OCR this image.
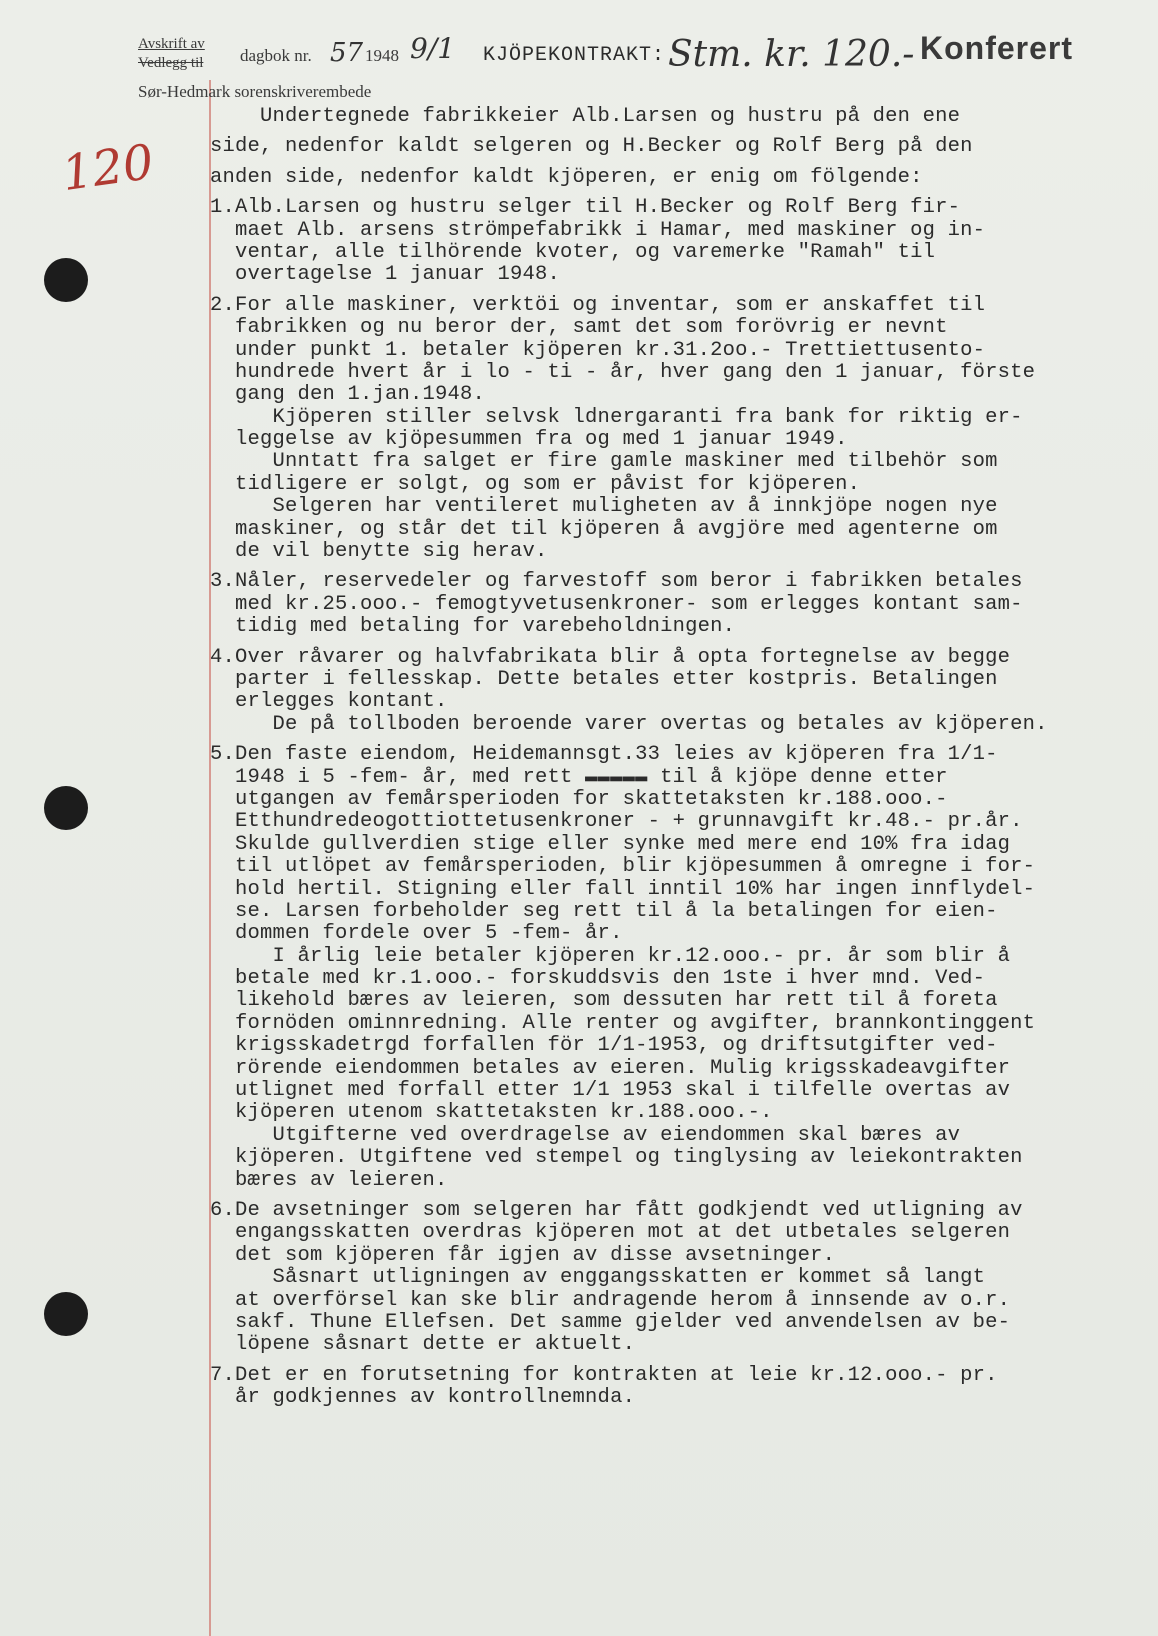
Avskrift av
Vedlegg til dagbok nr. 57 1948 9/1
Sør-Hedmark sorenskriverembede
KJÖPEKONTRAKT: Stm. kr. 120.- Konferert
120
Undertegnede fabrikkeier Alb.Larsen og hustru på den ene
side, nedenfor kaldt selgeren og H.Becker og Rolf Berg på den
anden side, nedenfor kaldt kjöperen, er enig om fölgende:
1.Alb.Larsen og hustru selger til H.Becker og Rolf Berg fir-
maet Alb. arsens strömpefabrikk i Hamar, med maskiner og in-
ventar, alle tilhörende kvoter, og varemerke "Ramah" til
overtagelse 1 januar 1948.
2.For alle maskiner, verktöi og inventar, som er anskaffet til
fabrikken og nu beror der, samt det som forövrig er nevnt
under punkt 1. betaler kjöperen kr.31.2oo.- Trettiettusento-
hundrede hvert år i lo - ti - år, hver gang den 1 januar, förste
gang den 1.jan.1948.
Kjöperen stiller selvsk ldnergaranti fra bank for riktig er-
leggelse av kjöpesummen fra og med 1 januar 1949.
Unntatt fra salget er fire gamle maskiner med tilbehör som
tidligere er solgt, og som er påvist for kjöperen.
Selgeren har ventileret muligheten av å innkjöpe nogen nye
maskiner, og står det til kjöperen å avgjöre med agenterne om
de vil benytte sig herav.
3.Nåler, reservedeler og farvestoff som beror i fabrikken betales
med kr.25.ooo.- femogtyvetusenkroner- som erlegges kontant sam-
tidig med betaling for varebeholdningen.
4.Over råvarer og halvfabrikata blir å opta fortegnelse av begge
parter i fellesskap. Dette betales etter kostpris. Betalingen
erlegges kontant.
De på tollboden beroende varer overtas og betales av kjöperen.
5.Den faste eiendom, Heidemannsgt.33 leies av kjöperen fra 1/1-
1948 i 5 -fem- år, med rett ▬▬▬▬▬ til å kjöpe denne etter
utgangen av femårsperioden for skattetaksten kr.188.ooo.-
Etthundredeogottiottetusenkroner - + grunnavgift kr.48.- pr.år.
Skulde gullverdien stige eller synke med mere end 10% fra idag
til utlöpet av femårsperioden, blir kjöpesummen å omregne i for-
hold hertil. Stigning eller fall inntil 10% har ingen innflydel-
se. Larsen forbeholder seg rett til å la betalingen for eien-
dommen fordele over 5 -fem- år.
I årlig leie betaler kjöperen kr.12.ooo.- pr. år som blir å
betale med kr.1.ooo.- forskuddsvis den 1ste i hver mnd. Ved-
likehold bæres av leieren, som dessuten har rett til å foreta
fornöden ominnredning. Alle renter og avgifter, brannkontinggent
krigsskadetrgd forfallen för 1/1-1953, og driftsutgifter ved-
rörende eiendommen betales av eieren. Mulig krigsskadeavgifter
utlignet med forfall etter 1/1 1953 skal i tilfelle overtas av
kjöperen utenom skattetaksten kr.188.ooo.-.
Utgifterne ved overdragelse av eiendommen skal bæres av
kjöperen. Utgiftene ved stempel og tinglysing av leiekontrakten
bæres av leieren.
6.De avsetninger som selgeren har fått godkjendt ved utligning av
engangsskatten overdras kjöperen mot at det utbetales selgeren
det som kjöperen får igjen av disse avsetninger.
Såsnart utligningen av enggangsskatten er kommet så langt
at overförsel kan ske blir andragende herom å innsende av o.r.
sakf. Thune Ellefsen. Det samme gjelder ved anvendelsen av be-
löpene såsnart dette er aktuelt.
7.Det er en forutsetning for kontrakten at leie kr.12.ooo.- pr.
år godkjennes av kontrollnemnda.
